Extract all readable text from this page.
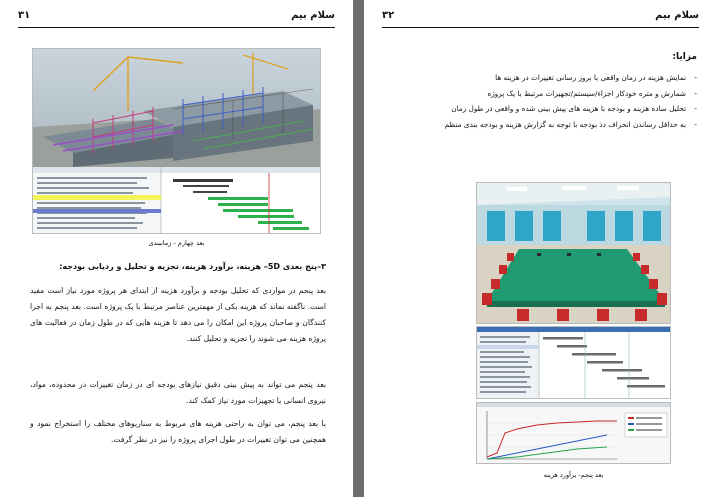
سلام بیم
۳۱
بعد چهارم - زمانبندی
۳–پنج بعدی 5D– هزینه، برآورد هزینه، تجزیه و تحلیل و ردیابی بودجه:

بعد پنجم در مواردی که تحلیل بودجه و برآورد هزینه از ابتدای هر پروژه مورد نیاز است مفید است. ناگفته نماند که هزینه یکی از مهمترین عناصر مرتبط با یک پروژه است. بعد پنجم به اجرا کنندگان و صاحبان پروژه این امکان را می دهد تا هزینه هایی که در طول زمان در فعالیت های پروژه هزینه می شوند را تجزیه و تحلیل کنند.

بعد پنجم می تواند به پیش بینی دقیق نیازهای بودجه ای در زمان تغییرات در محدوده، مواد، نیروی انسانی یا تجهیزات مورد نیاز کمک کند.

با بعد پنجم، می توان به راحتی هزینه های مربوط به سناریوهای مختلف را استخراج نمود و همچنین می توان تغییرات در طول اجرای پروژه را نیز در نظر گرفت.

سلام بیم
۳۲
مزایا:
- نمایش هزینه در زمان واقعی با بروز رسانی تغییرات در هزینه ها
- شمارش و متره خودکار اجزاء/سیستم/تجهیزات مرتبط با یک پروژه
- تحلیل ساده هزینه و بودجه با هزینه های پیش بینی شده و واقعی در طول زمان
- به حداقل رساندن انحراف دذ بودجه با توجه به گزارش هزینه و بودجه بندی منظم
بعد پنجم- برآورد هزینه
